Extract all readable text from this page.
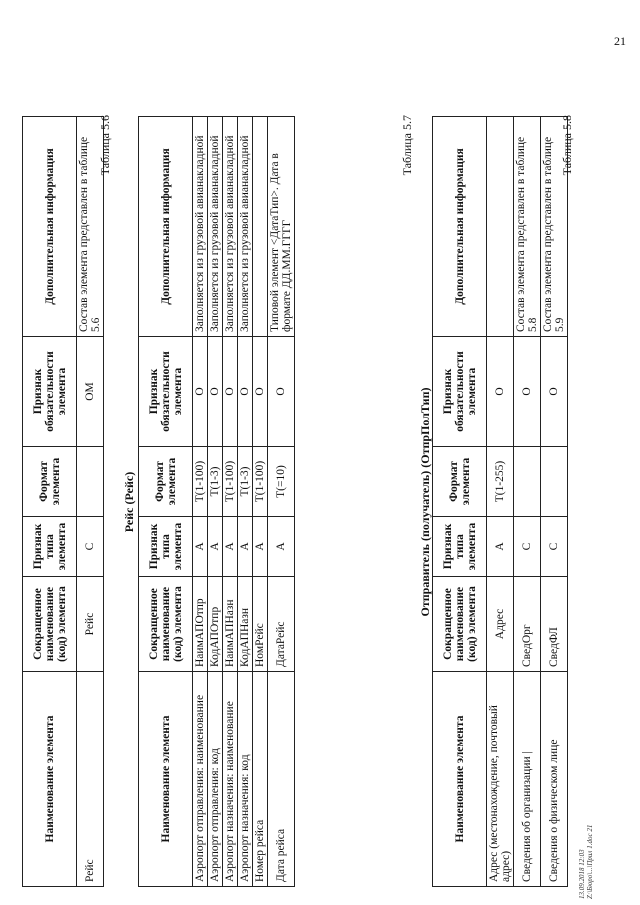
21
Наименование элемента	Сокращенное наименование (код) элемента	Признак типа элемента	Формат элемента	Признак обязательности элемента	Дополнительная информация
Рейс	Рейс	С		ОМ	Состав элемента представлен в таблице 5.6
Таблица 5.6
Рейс (Рейс)
Наименование элемента	Сокращенное наименование (код) элемента	Признак типа элемента	Формат элемента	Признак обязательности элемента	Дополнительная информация
Аэропорт отправления: наименование	НаимАПОтпр	А	T(1-100)	О	Заполняется из грузовой авианакладной
Аэропорт отправления: код	КодАПОтпр	А	T(1-3)	О	Заполняется из грузовой авианакладной
Аэропорт назначения: наименование	НаимАПНазн	А	T(1-100)	О	Заполняется из грузовой авианакладной
Аэропорт назначения: код	КодАПНазн	А	T(1-3)	О	Заполняется из грузовой авианакладной
Номер рейса	НомРейс	А	T(1-100)	О	
Дата рейса	ДатаРейс	А	T(=10)	О	Типовой элемент <ДатаТип>. Дата в формате ДД.ММ.ГГГГ
Таблица 5.7
Отправитель (получатель) (ОтпрПолТип)
Наименование элемента	Сокращенное наименование (код) элемента	Признак типа элемента	Формат элемента	Признак обязательности элемента	Дополнительная информация
Адрес (местонахождение, почтовый адрес)	Адрес	А	T(1-255)	О	
Сведения об организации |	СведОрг	С		О	Состав элемента представлен в таблице 5.8
Сведения о физическом лице	СведФЛ	С		О	Состав элемента представлен в таблице 5.9
Таблица 5.8
13.09.2018 12:03 Z:\Бюро\...\Прил 1.doc 21
